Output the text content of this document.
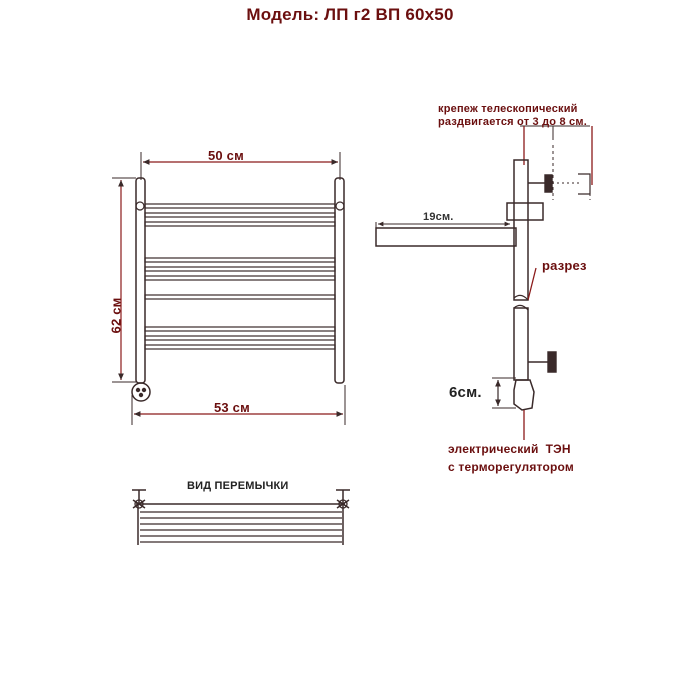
Модель: ЛП г2 ВП 60х50
50 см
53 см
62 см
19см.
крепеж телескопический
раздвигается от 3 до 8 см.
разрез
6см.
электрический  ТЭН
с терморегулятором
ВИД ПЕРЕМЫЧКИ
